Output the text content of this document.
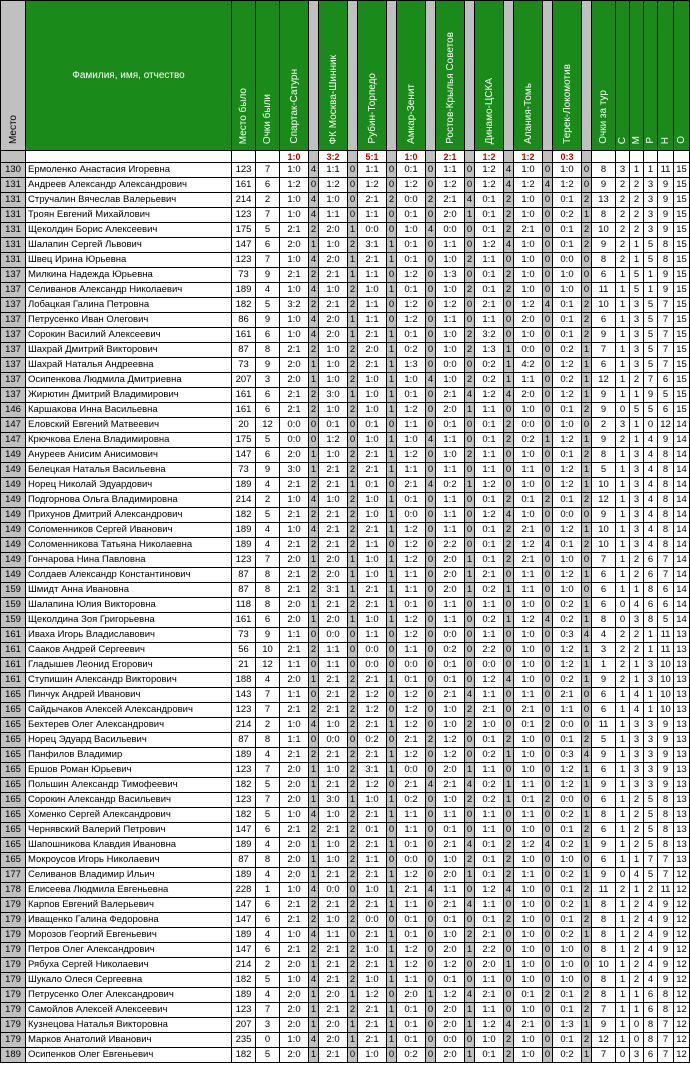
Место	Фамилия, имя, отчество	Место было	Очки были	Спартак-Сатурн		ФК Москва-Шинник		Рубин-Торпедо		Амкар-Зенит		Ростов-Крылья Советов		Динамо-ЦСКА		Алания-Томь		Терек-Локомотив		Очки за тур	С	М	Р	Н	О
				1:0		3:2		5:1		1:0		2:1		1:2		1:2		0:3							
130	Ермоленко Анастасия Игоревна	123	7	1:0	4	1:1	0	1:1	0	0:1	0	1:1	0	1:2	4	1:0	0	1:0	0	8	3	1	1	11	15
131	Андреев Александр Александрович	161	6	1:2	0	1:2	0	1:2	0	1:2	0	1:2	0	1:2	4	1:2	4	1:2	0	9	2	2	3	9	15
131	Стручалин Вячеслав Валерьевич	214	2	1:0	4	1:0	0	2:1	2	0:0	2	2:1	4	0:1	2	1:0	0	0:1	2	13	2	2	3	9	15
131	Троян Евгений Михайлович	123	7	1:0	4	1:1	0	1:1	0	0:1	0	2:0	1	0:1	2	1:0	0	0:2	1	8	2	2	3	9	15
131	Щеколдин Борис Алексеевич	175	5	2:1	2	2:0	1	0:0	0	1:0	4	0:0	0	0:1	2	2:1	0	0:1	2	10	2	2	3	9	15
131	Шалапин Сергей Львович	147	6	2:0	1	1:0	2	3:1	1	0:1	0	1:1	0	1:2	4	1:0	0	0:1	2	9	2	1	5	8	15
131	Швец Ирина Юрьевна	123	7	1:0	4	2:0	1	2:1	1	0:1	0	1:0	2	1:1	0	1:0	0	0:0	0	8	2	1	5	8	15
137	Милкина Надежда Юрьевна	73	9	2:1	2	2:1	1	1:1	0	1:2	0	1:3	0	0:1	2	1:0	0	1:0	0	6	1	5	1	9	15
137	Селиванов Александр Николаевич	189	4	1:0	4	1:0	2	1:0	1	0:1	0	1:0	2	0:1	2	1:0	0	1:0	0	11	1	5	1	9	15
137	Лобацкая Галина Петровна	182	5	3:2	2	2:1	2	1:1	0	1:2	0	1:2	0	2:1	0	1:2	4	0:1	2	10	1	3	5	7	15
137	Петрусенко Иван Олегович	86	9	1:0	4	2:0	1	1:1	0	1:2	0	1:1	0	1:1	0	2:0	0	0:1	2	6	1	3	5	7	15
137	Сорокин Василий Алексеевич	161	6	1:0	4	2:0	1	2:1	1	0:1	0	1:0	2	3:2	0	1:0	0	0:1	2	9	1	3	5	7	15
137	Шахрай Дмитрий Викторович	87	8	2:1	2	1:0	2	2:0	1	0:2	0	1:0	2	1:3	1	0:0	0	0:2	1	7	1	3	5	7	15
137	Шахрай Наталья Андреевна	73	9	2:0	1	1:0	2	2:1	1	1:3	0	0:0	0	0:2	1	4:2	0	1:2	1	6	1	3	5	7	15
137	Осипенкова Людмила Дмитриевна	207	3	2:0	1	1:0	2	1:0	1	1:0	4	1:0	2	0:2	1	1:1	0	0:2	1	12	1	2	7	6	15
137	Жирютин Дмитрий Владимирович	161	6	2:1	2	3:0	1	1:0	1	0:1	0	2:1	4	1:2	4	2:0	0	1:2	1	9	1	1	9	5	15
146	Каршакова Инна Васильевна	161	6	2:1	2	1:0	2	1:0	1	1:2	0	2:0	1	1:1	0	1:0	0	0:1	2	9	0	5	5	6	15
147	Еловский Евгений Матвеевич	20	12	0:0	0	0:1	0	0:1	0	1:1	0	0:1	0	0:1	2	0:0	0	1:0	0	2	3	1	0	12	14
147	Крючкова Елена Владимировна	175	5	0:0	0	1:2	0	1:0	1	1:0	4	1:1	0	0:1	2	0:2	1	1:2	1	9	2	1	4	9	14
149	Ануреев Анисим Анисимович	147	6	2:0	1	1:0	2	2:1	1	1:2	0	1:0	2	1:1	0	1:0	0	0:1	2	8	1	3	4	8	14
149	Белецкая Наталья Васильевна	73	9	3:0	1	2:1	2	2:1	1	1:1	0	1:1	0	1:1	0	1:1	0	1:2	1	5	1	3	4	8	14
149	Норец Николай Эдуардович	189	4	2:1	2	2:1	1	0:1	0	2:1	4	0:2	1	1:2	0	1:0	0	1:2	1	10	1	3	4	8	14
149	Подгорнова Ольга Владимировна	214	2	1:0	4	1:0	2	1:0	1	0:1	0	1:1	0	0:1	2	0:1	2	0:1	2	12	1	3	4	8	14
149	Прихунов Дмитрий Александрович	182	5	2:1	2	2:1	2	1:0	1	0:0	0	1:1	0	1:2	4	1:0	0	0:0	0	9	1	3	4	8	14
149	Соломенников Сергей Иванович	189	4	1:0	4	2:1	2	2:1	1	1:2	0	1:1	0	0:1	2	2:1	0	1:2	1	10	1	3	4	8	14
149	Соломенникова Татьяна Николаевна	189	4	2:1	2	2:1	2	1:1	0	1:2	0	2:2	0	0:1	2	1:2	4	0:1	2	10	1	3	4	8	14
149	Гончарова Нина Павловна	123	7	2:0	1	2:0	1	1:0	1	1:2	0	2:0	1	0:1	2	2:1	0	1:0	0	7	1	2	6	7	14
149	Солдаев Александр Константинович	87	8	2:1	2	2:0	1	1:0	1	1:1	0	2:0	1	2:1	0	1:1	0	1:2	1	6	1	2	6	7	14
159	Шмидт Анна Ивановна	87	8	2:1	2	3:1	1	2:1	1	1:1	0	2:0	1	0:2	1	1:1	0	1:0	0	6	1	1	8	6	14
159	Шалапина Юлия Викторовна	118	8	2:0	1	2:1	2	2:1	1	0:1	0	1:1	0	1:1	0	1:0	0	0:2	1	6	0	4	6	6	14
159	Щеколдина Зоя Григорьевна	161	6	2:0	1	2:0	1	1:0	1	1:2	0	1:1	0	0:2	1	1:2	4	0:2	1	8	0	3	8	5	14
161	Иваха Игорь Владиславович	73	9	1:1	0	0:0	0	1:1	0	1:2	0	0:0	0	1:1	0	1:0	0	0:3	4	4	2	2	1	11	13
161	Сааков Андрей Сергеевич	56	10	2:1	2	1:1	0	0:0	0	1:1	0	0:2	0	2:2	0	1:0	0	1:2	1	3	2	2	1	11	13
161	Гладышев Леонид Егорович	21	12	1:1	0	1:1	0	0:0	0	0:0	0	0:1	0	0:0	0	1:0	0	1:2	1	1	2	1	3	10	13
161	Ступишин Александр Викторович	188	4	2:0	1	2:1	2	2:1	1	0:1	0	0:1	0	1:2	4	1:0	0	0:2	1	9	2	1	3	10	13
165	Пинчук Андрей Иванович	143	7	1:1	0	2:1	2	1:2	0	1:2	0	2:1	4	1:1	0	1:1	0	2:1	0	6	1	4	1	10	13
165	Сайдычаков Алексей Александрович	123	7	2:1	2	2:1	2	1:2	0	1:2	0	1:0	2	2:1	0	2:1	0	1:1	0	6	1	4	1	10	13
165	Бехтерев Олег Александрович	214	2	1:0	4	1:0	2	2:1	1	1:2	0	1:0	2	1:0	0	0:1	2	0:0	0	11	1	3	3	9	13
165	Норец Эдуард Васильевич	87	8	1:1	0	0:0	0	0:2	0	2:1	2	1:2	0	0:1	2	1:0	0	0:1	2	5	1	3	3	9	13
165	Панфилов Владимир	189	4	2:1	2	2:1	2	2:1	1	1:2	0	1:2	0	0:2	1	1:0	0	0:3	4	9	1	3	3	9	13
165	Ершов Роман Юрьевич	123	7	2:0	1	1:0	2	3:1	1	0:0	0	2:0	1	1:1	0	1:0	0	1:2	1	6	1	3	3	9	13
165	Польшин Александр Тимофеевич	182	5	2:0	1	2:1	2	1:2	0	2:1	4	2:1	4	0:2	1	1:1	0	1:2	1	9	1	3	3	9	13
165	Сорокин Александр Васильевич	123	7	2:0	1	3:0	1	1:0	1	0:2	0	1:0	2	0:2	1	0:1	2	0:0	0	6	1	2	5	8	13
165	Хоменко Сергей Александрович	182	5	1:0	4	1:0	2	2:1	1	1:1	0	1:1	0	1:1	0	1:1	0	0:2	1	8	1	2	5	8	13
165	Чернявский Валерий Петрович	147	6	2:1	2	2:1	2	0:1	0	1:1	0	0:1	0	1:1	0	1:0	0	0:1	2	6	1	2	5	8	13
165	Шапошникова Клавдия Ивановна	189	4	2:0	1	1:0	2	2:1	1	0:1	0	2:1	4	0:1	2	1:2	4	0:2	1	9	1	2	5	8	13
165	Мокроусов Игорь Николаевич	87	8	2:0	1	1:0	2	1:1	0	0:0	0	1:0	2	0:1	2	1:0	0	1:0	0	6	1	1	7	7	13
177	Селиванов Владимир Ильич	189	4	2:0	1	2:1	2	2:1	1	1:2	0	2:0	1	0:1	2	1:1	0	0:2	1	9	0	4	5	7	12
178	Елисеева Людмила Евгеньевна	228	1	1:0	4	0:0	0	1:0	1	2:1	4	1:1	0	1:2	4	1:0	0	0:1	2	11	2	1	2	11	12
179	Карпов Евгений Валерьевич	147	6	2:1	2	2:1	2	2:1	1	1:1	0	2:1	4	1:1	0	1:0	0	0:2	1	8	1	2	4	9	12
179	Иващенко Галина Федоровна	147	6	2:1	2	1:0	2	0:0	0	0:1	0	0:1	0	0:1	2	1:0	0	0:1	2	8	1	2	4	9	12
179	Морозов Георгий Евгеньевич	189	4	1:0	4	1:1	0	2:1	1	0:1	0	1:0	2	2:1	0	1:0	0	0:2	1	8	1	2	4	9	12
179	Петров Олег Александрович	147	6	2:1	2	2:1	2	1:0	1	1:2	0	2:0	1	2:2	0	1:0	0	1:0	0	8	1	2	4	9	12
179	Рябуха Сергей Николаевич	214	2	2:0	1	2:1	2	2:1	1	1:2	0	1:2	0	2:0	1	1:0	0	1:0	0	10	1	2	4	9	12
179	Шукало Олеся Сергеевна	182	5	1:0	4	2:1	2	1:0	1	1:1	0	0:1	0	1:1	0	1:0	0	1:0	0	8	1	2	4	9	12
179	Петрусенко Олег Александрович	189	4	2:0	1	2:0	1	1:2	0	2:0	1	1:2	4	2:1	0	0:1	2	0:1	2	8	1	1	6	8	12
179	Самойлов Алексей Алексеевич	123	7	2:0	1	2:1	2	2:1	1	0:1	0	2:0	1	1:1	0	1:0	0	0:1	2	7	1	1	6	8	12
179	Кузнецова Наталья Викторовна	207	3	2:0	1	2:0	1	2:1	1	0:1	0	2:0	1	1:2	4	2:1	0	1:3	1	9	1	0	8	7	12
179	Марков Анатолий Иванович	235	0	1:0	4	2:0	1	2:1	1	0:1	0	0:0	0	1:0	2	1:0	0	0:1	2	12	1	0	8	7	12
189	Осипенков Олег Евгеньевич	182	5	2:0	1	2:1	0	1:0	0	0:2	0	2:0	1	0:1	2	1:0	0	0:2	1	7	0	3	6	7	12
